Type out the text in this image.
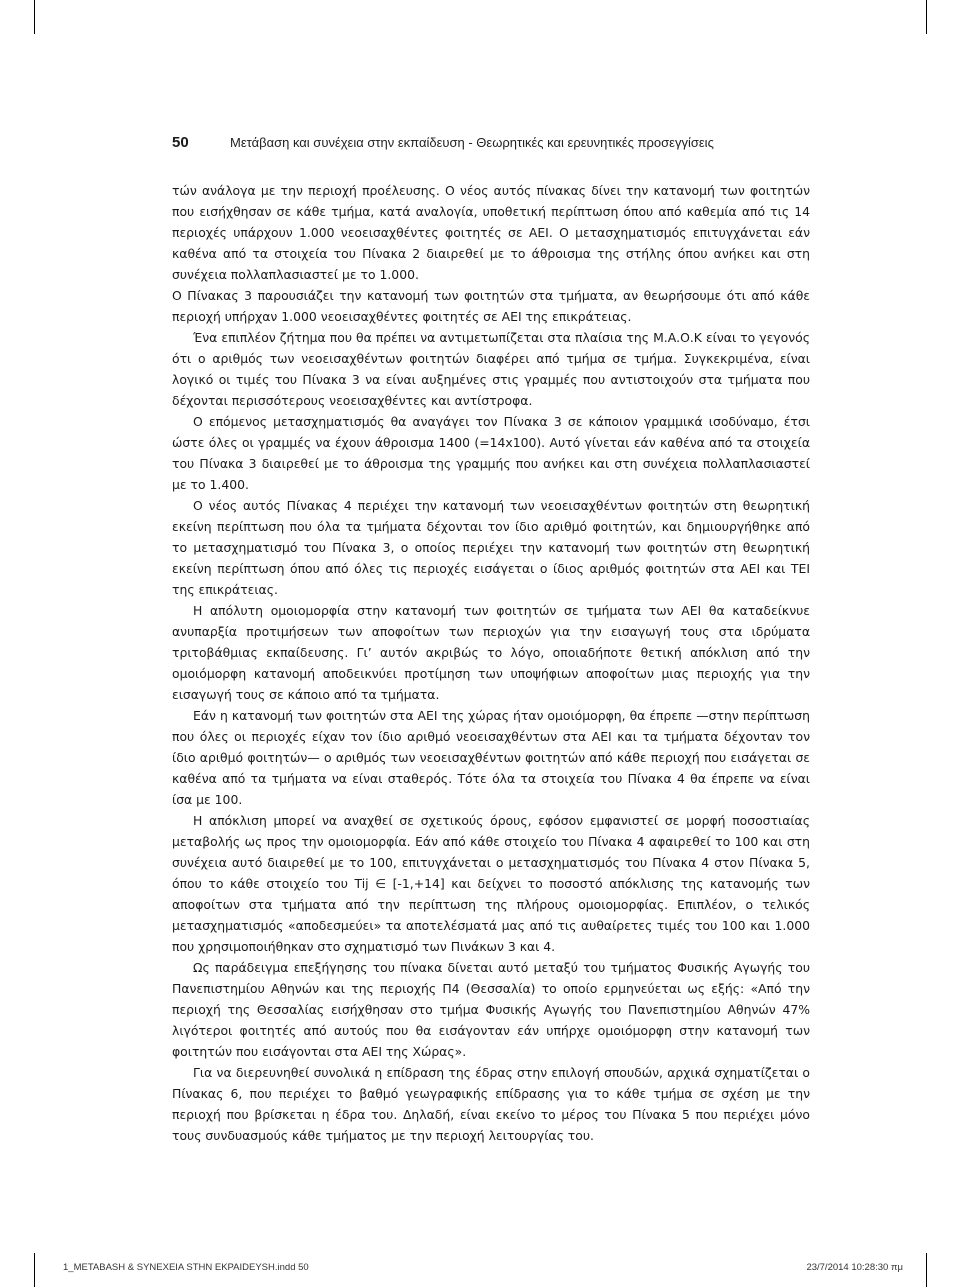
50	Μετάβαση και συνέχεια στην εκπαίδευση - Θεωρητικές και ερευνητικές προσεγγίσεις

τών ανάλογα με την περιοχή προέλευσης. Ο νέος αυτός πίνακας δίνει την κατανομή των φοιτητών που εισήχθησαν σε κάθε τμήμα, κατά αναλογία, υποθετική περίπτωση όπου από καθεμία από τις 14 περιοχές υπάρχουν 1.000 νεοεισαχθέντες φοιτητές σε ΑΕΙ. Ο μετασχηματισμός επιτυγχάνεται εάν καθένα από τα στοιχεία του Πίνακα 2 διαιρεθεί με το άθροισμα της στήλης όπου ανήκει και στη συνέχεια πολλαπλασιαστεί με το 1.000.

Ο Πίνακας 3 παρουσιάζει την κατανομή των φοιτητών στα τμήματα, αν θεωρήσουμε ότι από κάθε περιοχή υπήρχαν 1.000 νεοεισαχθέντες φοιτητές σε ΑΕΙ της επικράτειας.

Ένα επιπλέον ζήτημα που θα πρέπει να αντιμετωπίζεται στα πλαίσια της Μ.Α.Ο.Κ είναι το γεγονός ότι ο αριθμός των νεοεισαχθέντων φοιτητών διαφέρει από τμήμα σε τμήμα. Συγκεκριμένα, είναι λογικό οι τιμές του Πίνακα 3 να είναι αυξημένες στις γραμμές που αντιστοιχούν στα τμήματα που δέχονται περισσότερους νεοεισαχθέντες και αντίστροφα.

Ο επόμενος μετασχηματισμός θα αναγάγει τον Πίνακα 3 σε κάποιον γραμμικά ισοδύναμο, έτσι ώστε όλες οι γραμμές να έχουν άθροισμα 1400 (=14x100). Αυτό γίνεται εάν καθένα από τα στοιχεία του Πίνακα 3 διαιρεθεί με το άθροισμα της γραμμής που ανήκει και στη συνέχεια πολλαπλασιαστεί με το 1.400.

Ο νέος αυτός Πίνακας 4 περιέχει την κατανομή των νεοεισαχθέντων φοιτητών στη θεωρητική εκείνη περίπτωση που όλα τα τμήματα δέχονται τον ίδιο αριθμό φοιτητών, και δημιουργήθηκε από το μετασχηματισμό του Πίνακα 3, ο οποίος περιέχει την κατανομή των φοιτητών στη θεωρητική εκείνη περίπτωση όπου από όλες τις περιοχές εισάγεται ο ίδιος αριθμός φοιτητών στα ΑΕΙ και ΤΕΙ της επικράτειας.

Η απόλυτη ομοιομορφία στην κατανομή των φοιτητών σε τμήματα των ΑΕΙ θα καταδείκνυε ανυπαρξία προτιμήσεων των αποφοίτων των περιοχών για την εισαγωγή τους στα ιδρύματα τριτοβάθμιας εκπαίδευσης. Γι’ αυτόν ακριβώς το λόγο, οποιαδήποτε θετική απόκλιση από την ομοιόμορφη κατανομή αποδεικνύει προτίμηση των υποψήφιων αποφοίτων μιας περιοχής για την εισαγωγή τους σε κάποιο από τα τμήματα.

Εάν η κατανομή των φοιτητών στα ΑΕΙ της χώρας ήταν ομοιόμορφη, θα έπρεπε —στην περίπτωση που όλες οι περιοχές είχαν τον ίδιο αριθμό νεοεισαχθέντων στα ΑΕΙ και τα τμήματα δέχονταν τον ίδιο αριθμό φοιτητών— ο αριθμός των νεοεισαχθέντων φοιτητών από κάθε περιοχή που εισάγεται σε καθένα από τα τμήματα να είναι σταθερός. Τότε όλα τα στοιχεία του Πίνακα 4 θα έπρεπε να είναι ίσα με 100.

Η απόκλιση μπορεί να αναχθεί σε σχετικούς όρους, εφόσον εμφανιστεί σε μορφή ποσοστιαίας μεταβολής ως προς την ομοιομορφία. Εάν από κάθε στοιχείο του Πίνακα 4 αφαιρεθεί το 100 και στη συνέχεια αυτό διαιρεθεί με το 100, επιτυγχάνεται ο μετασχηματισμός του Πίνακα 4 στον Πίνακα 5, όπου το κάθε στοιχείο του Tij ∈ [-1,+14] και δείχνει το ποσοστό απόκλισης της κατανομής των αποφοίτων στα τμήματα από την περίπτωση της πλήρους ομοιομορφίας. Επιπλέον, ο τελικός μετασχηματισμός «αποδεσμεύει» τα αποτελέσματά μας από τις αυθαίρετες τιμές του 100 και 1.000 που χρησιμοποιήθηκαν στο σχηματισμό των Πινάκων 3 και 4.

Ως παράδειγμα επεξήγησης του πίνακα δίνεται αυτό μεταξύ του τμήματος Φυσικής Αγωγής του Πανεπιστημίου Αθηνών και της περιοχής Π4 (Θεσσαλία) το οποίο ερμηνεύεται ως εξής: «Από την περιοχή της Θεσσαλίας εισήχθησαν στο τμήμα Φυσικής Αγωγής του Πανεπιστημίου Αθηνών 47% λιγότεροι φοιτητές από αυτούς που θα εισάγονταν εάν υπήρχε ομοιόμορφη στην κατανομή των φοιτητών που εισάγονται στα ΑΕΙ της Χώρας».

Για να διερευνηθεί συνολικά η επίδραση της έδρας στην επιλογή σπουδών, αρχικά σχηματίζεται ο Πίνακας 6, που περιέχει το βαθμό γεωγραφικής επίδρασης για το κάθε τμήμα σε σχέση με την περιοχή που βρίσκεται η έδρα του. Δηλαδή, είναι εκείνο το μέρος του Πίνακα 5 που περιέχει μόνο τους συνδυασμούς κάθε τμήματος με την περιοχή λειτουργίας του.

1_METABASH & SYNEXEIA STHN EKPAIDEYSH.indd 50	23/7/2014 10:28:30 πμ
